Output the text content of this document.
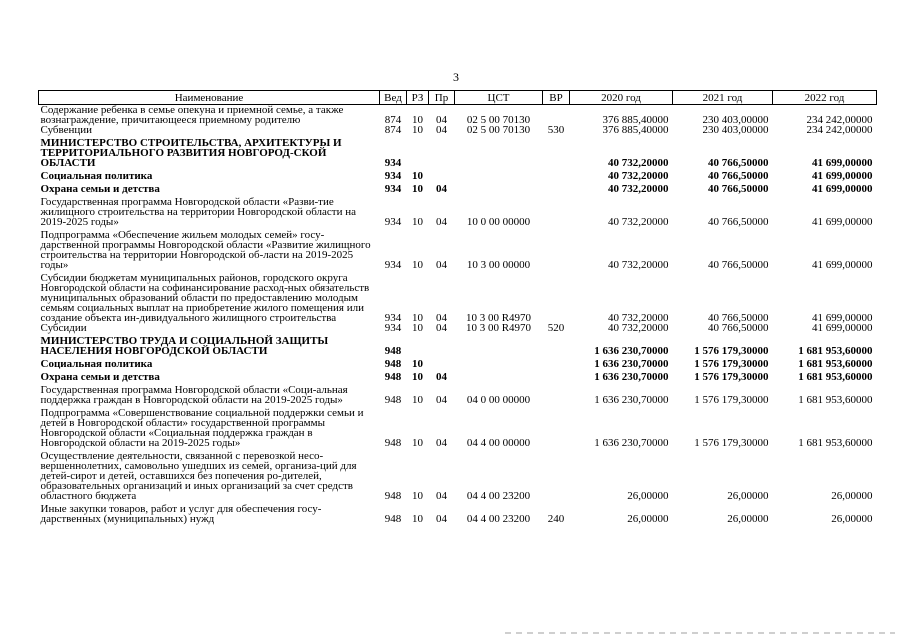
3
Наименование	Вед	РЗ	Пр	ЦСТ	ВР	2020 год	2021 год	2022 год
Содержание ребенка в семье опекуна и приемной семье, а также вознаграждение, причитающееся приемному родителю	874	10	04	02 5 00 70130		376 885,40000	230 403,00000	234 242,00000
Субвенции	874	10	04	02 5 00 70130	530	376 885,40000	230 403,00000	234 242,00000
МИНИСТЕРСТВО СТРОИТЕЛЬСТВА, АРХИТЕКТУРЫ И ТЕРРИТОРИАЛЬНОГО РАЗВИТИЯ НОВГОРОД-СКОЙ ОБЛАСТИ	934					40 732,20000	40 766,50000	41 699,00000
Социальная политика	934	10				40 732,20000	40 766,50000	41 699,00000
Охрана семьи и детства	934	10	04			40 732,20000	40 766,50000	41 699,00000
Государственная программа Новгородской области «Разви-тие жилищного строительства на территории Новгородской области на 2019-2025 годы»	934	10	04	10 0 00 00000		40 732,20000	40 766,50000	41 699,00000
Подпрограмма «Обеспечение жильем молодых семей» госу-дарственной программы Новгородской области «Развитие жилищного строительства на территории Новгородской об-ласти на 2019-2025 годы»	934	10	04	10 3 00 00000		40 732,20000	40 766,50000	41 699,00000
Субсидии бюджетам муниципальных районов, городского округа Новгородской области на софинансирование расход-ных обязательств муниципальных образований области по предоставлению молодым семьям социальных выплат на приобретение жилого помещения или создание объекта ин-дивидуального жилищного строительства	934	10	04	10 3 00 R4970		40 732,20000	40 766,50000	41 699,00000
Субсидии	934	10	04	10 3 00 R4970	520	40 732,20000	40 766,50000	41 699,00000
МИНИСТЕРСТВО ТРУДА И СОЦИАЛЬНОЙ ЗАЩИТЫ НАСЕЛЕНИЯ НОВГОРОДСКОЙ ОБЛАСТИ	948					1 636 230,70000	1 576 179,30000	1 681 953,60000
Социальная политика	948	10				1 636 230,70000	1 576 179,30000	1 681 953,60000
Охрана семьи и детства	948	10	04			1 636 230,70000	1 576 179,30000	1 681 953,60000
Государственная программа Новгородской области «Соци-альная поддержка граждан в Новгородской области на 2019-2025 годы»	948	10	04	04 0 00 00000		1 636 230,70000	1 576 179,30000	1 681 953,60000
Подпрограмма «Совершенствование социальной поддержки семьи и детей в Новгородской области» государственной программы Новгородской области «Социальная поддержка граждан в Новгородской области на 2019-2025 годы»	948	10	04	04 4 00 00000		1 636 230,70000	1 576 179,30000	1 681 953,60000
Осуществление деятельности, связанной с перевозкой несо-вершеннолетних, самовольно ушедших из семей, организа-ций для детей-сирот и детей, оставшихся без попечения ро-дителей, образовательных организаций и иных организаций за счет средств областного бюджета	948	10	04	04 4 00 23200		26,00000	26,00000	26,00000
Иные закупки товаров, работ и услуг для обеспечения госу-дарственных (муниципальных) нужд	948	10	04	04 4 00 23200	240	26,00000	26,00000	26,00000
